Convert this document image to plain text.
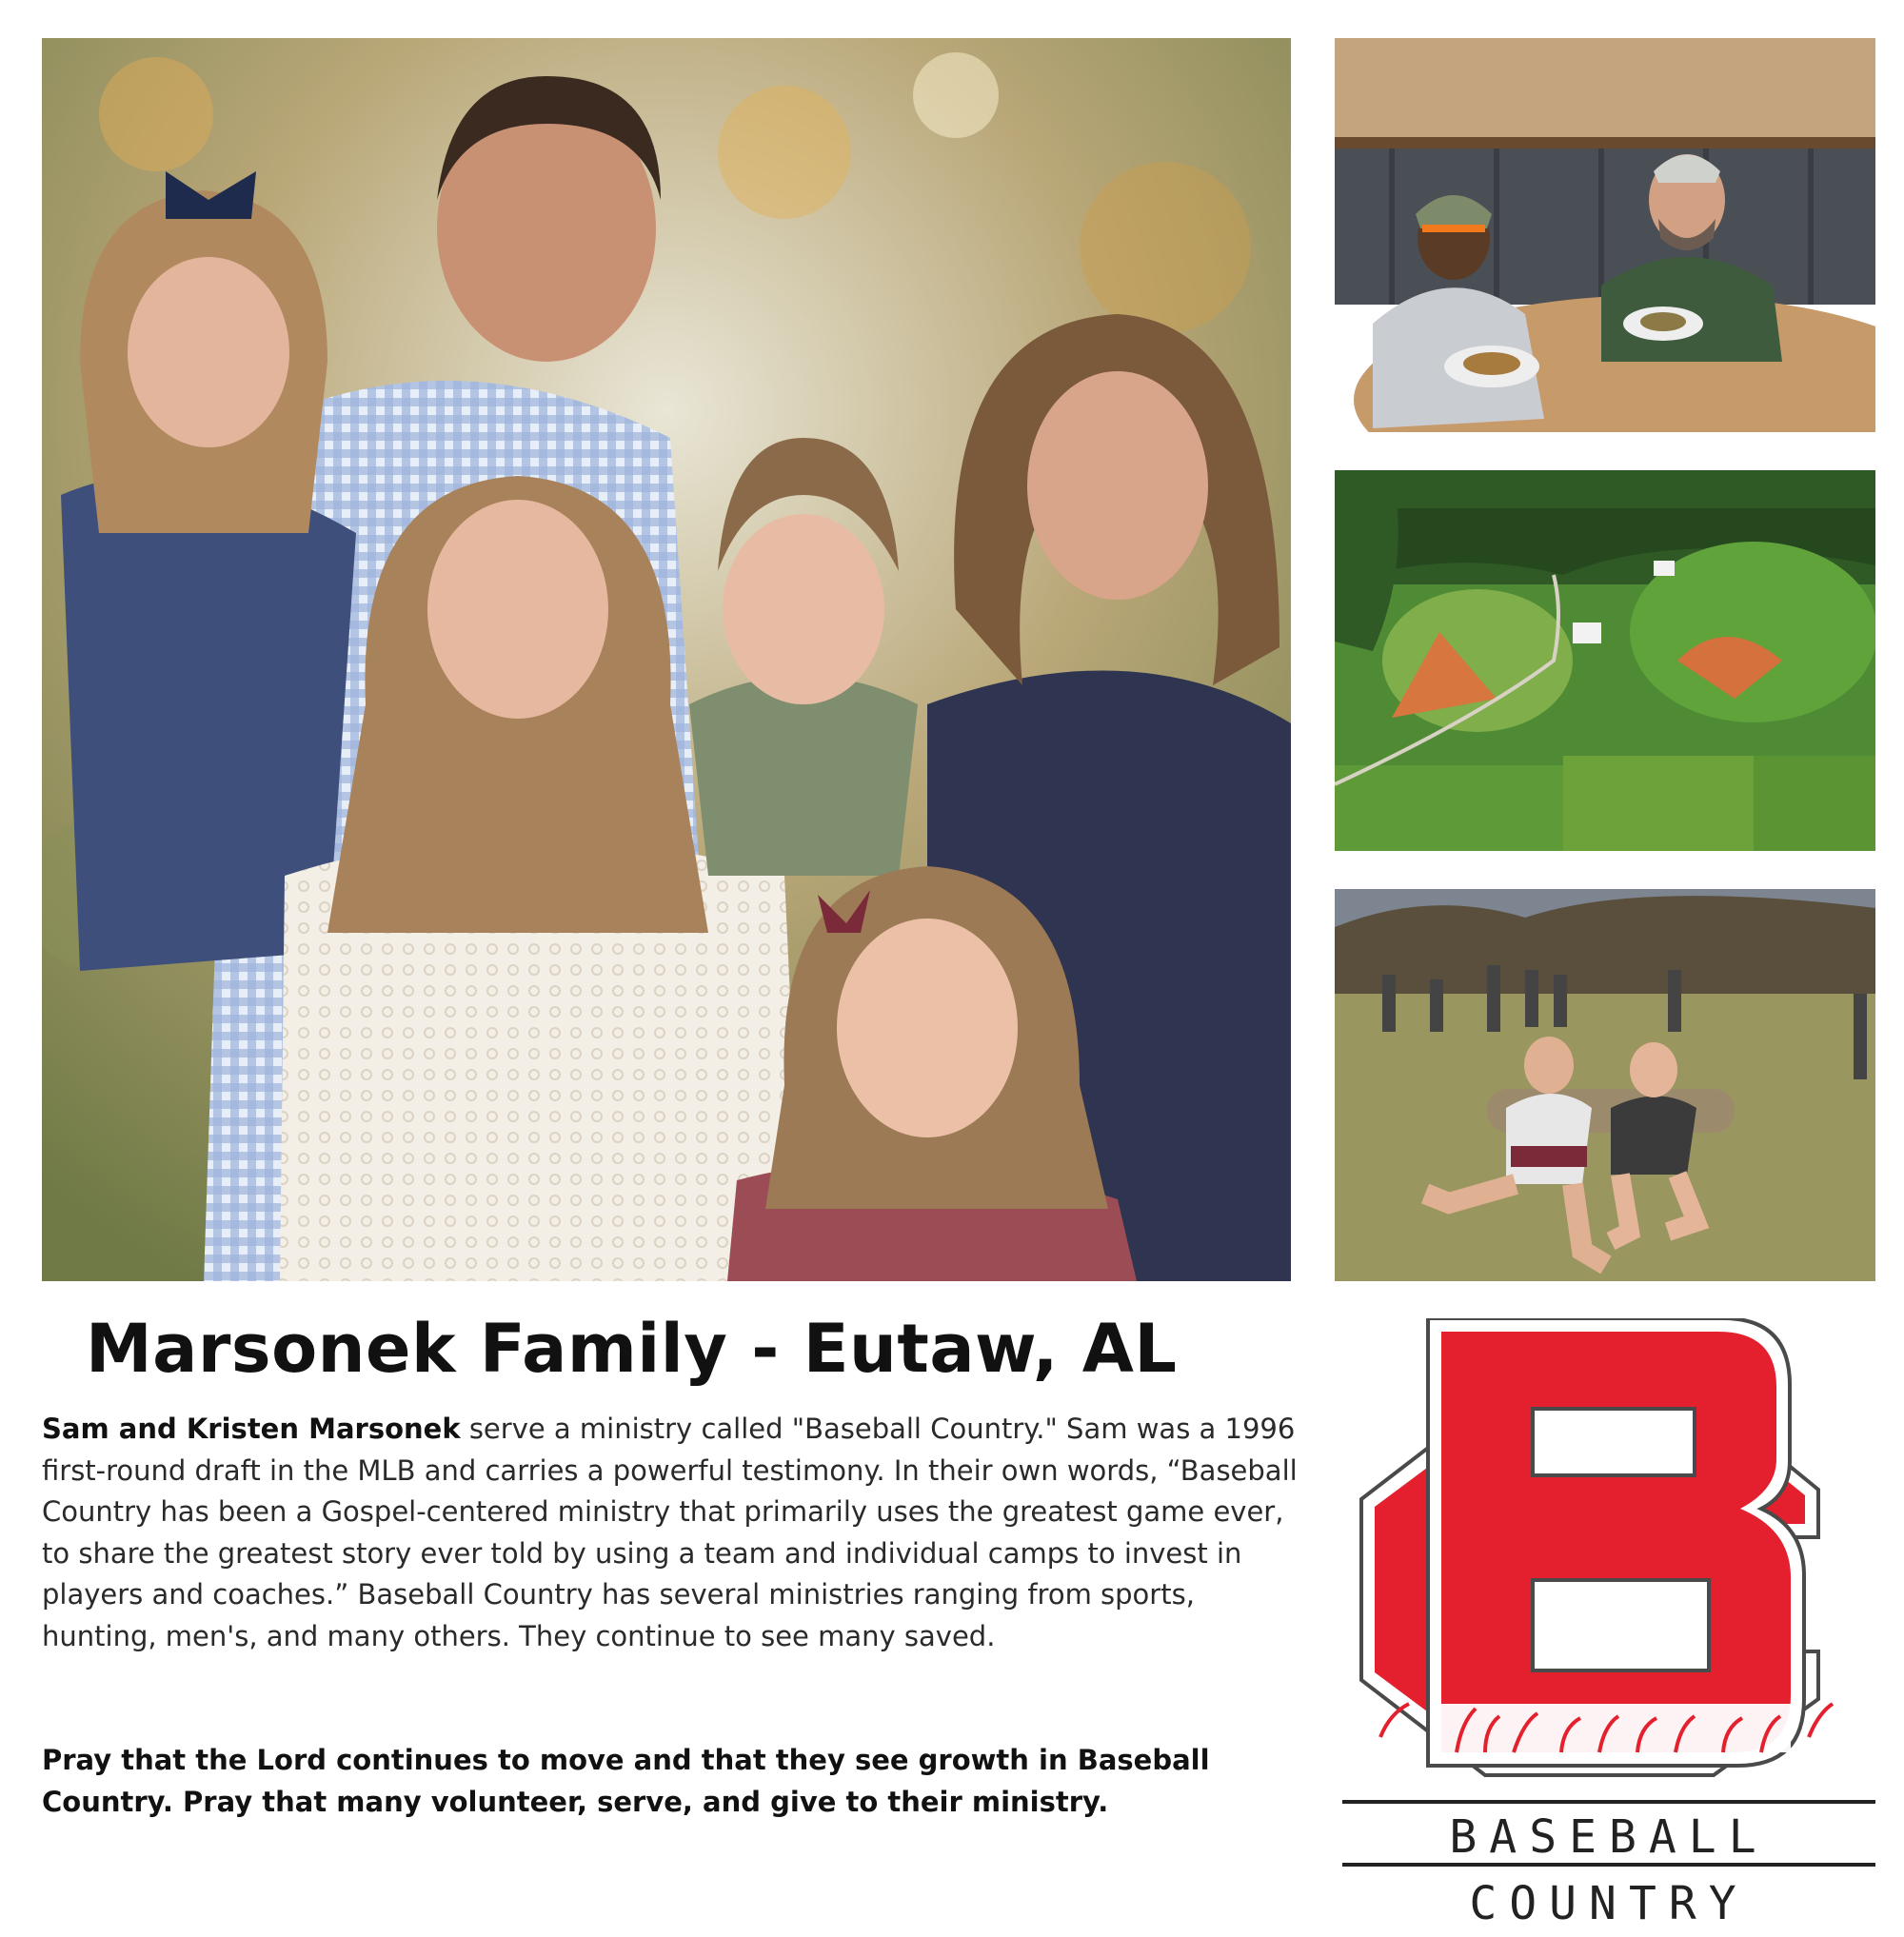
Marsonek Family - Eutaw, AL

Sam and Kristen Marsonek serve a ministry called "Baseball Country." Sam was a 1996 first-round draft in the MLB and carries a powerful testimony. In their own words, “Baseball Country has been a Gospel-centered ministry that primarily uses the greatest game ever, to share the greatest story ever told by using a team and individual camps to invest in players and coaches.” Baseball Country has several ministries ranging from sports, hunting, men's, and many others. They continue to see many saved.

Pray that the Lord continues to move and that they see growth in Baseball Country. Pray that many volunteer, serve, and give to their ministry.

BASEBALL COUNTRY
